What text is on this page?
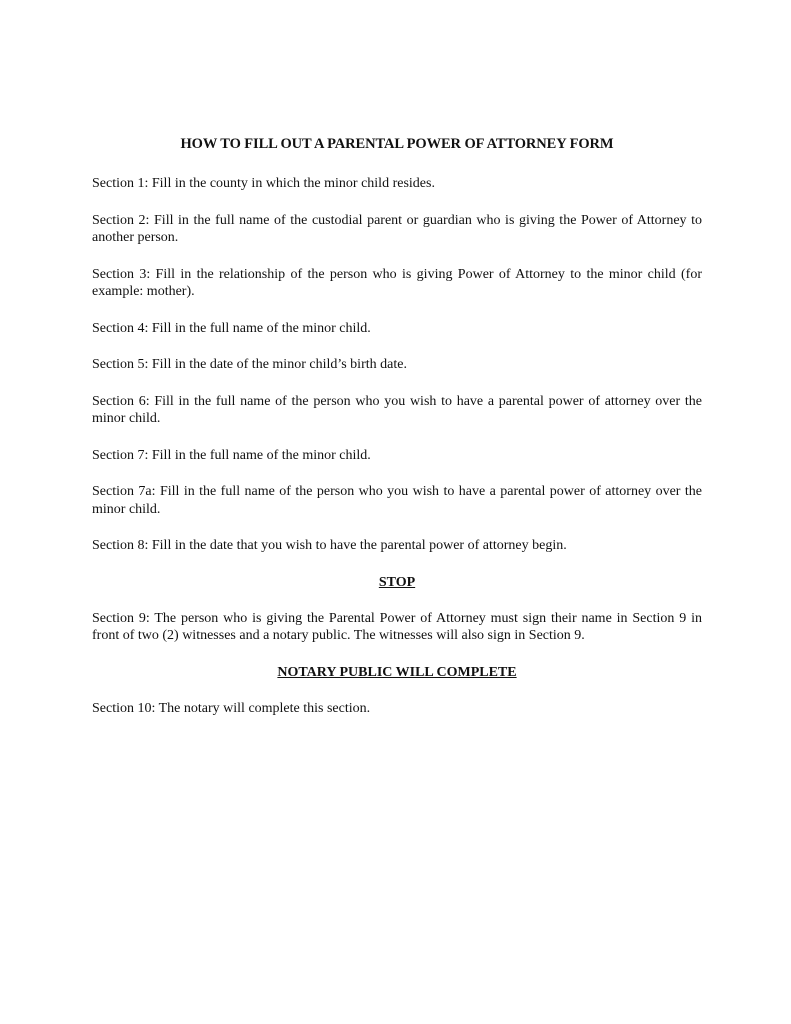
HOW TO FILL OUT A PARENTAL POWER OF ATTORNEY FORM

Section 1: Fill in the county in which the minor child resides.

Section 2: Fill in the full name of the custodial parent or guardian who is giving the Power of Attorney to another person.

Section 3: Fill in the relationship of the person who is giving Power of Attorney to the minor child (for example: mother).

Section 4: Fill in the full name of the minor child.

Section 5: Fill in the date of the minor child’s birth date.

Section 6: Fill in the full name of the person who you wish to have a parental power of attorney over the minor child.

Section 7: Fill in the full name of the minor child.

Section 7a: Fill in the full name of the person who you wish to have a parental power of attorney over the minor child.

Section 8: Fill in the date that you wish to have the parental power of attorney begin.

STOP

Section 9: The person who is giving the Parental Power of Attorney must sign their name in Section 9 in front of two (2) witnesses and a notary public. The witnesses will also sign in Section 9.

NOTARY PUBLIC WILL COMPLETE

Section 10: The notary will complete this section.
